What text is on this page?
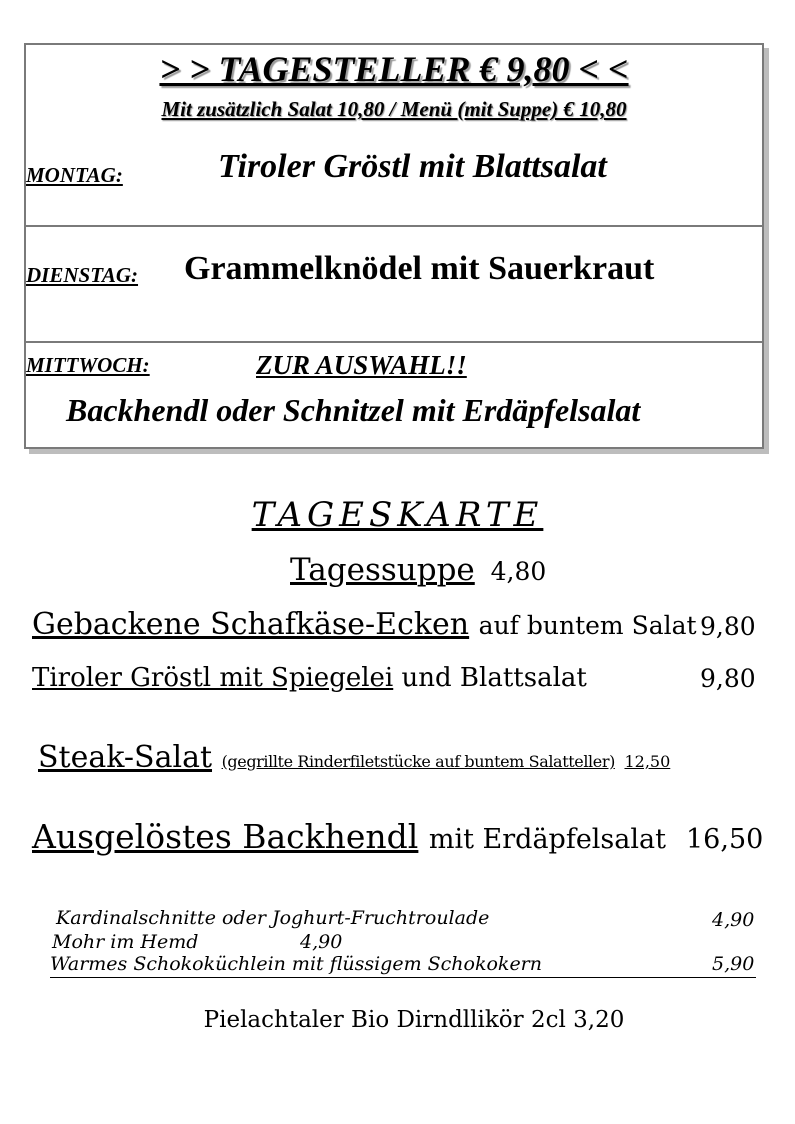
> > TAGESTELLER € 9,80 < <
Mit zusätzlich Salat 10,80 / Menü (mit Suppe) € 10,80
MONTAG:	Tiroler Gröstl mit Blattsalat
DIENSTAG: Grammelknödel mit Sauerkraut
MITTWOCH:	ZUR AUSWAHL!!
Backhendl oder Schnitzel mit Erdäpfelsalat
TAGESKARTE
Tagessuppe 4,80
Gebackene Schafkäse-Ecken auf buntem Salat 9,80
Tiroler Gröstl mit Spiegelei und Blattsalat	9,80
Steak-Salat (gegrillte Rinderfiletstücke auf buntem Salatteller) 12,50
Ausgelöstes Backhendl mit Erdäpfelsalat 16,50
Kardinalschnitte oder Joghurt-Fruchtroulade	4,90
Mohr im Hemd	4,90
Warmes Schokoküchlein mit flüssigem Schokokern	5,90
Pielachtaler Bio Dirndllikör 2cl 3,20
